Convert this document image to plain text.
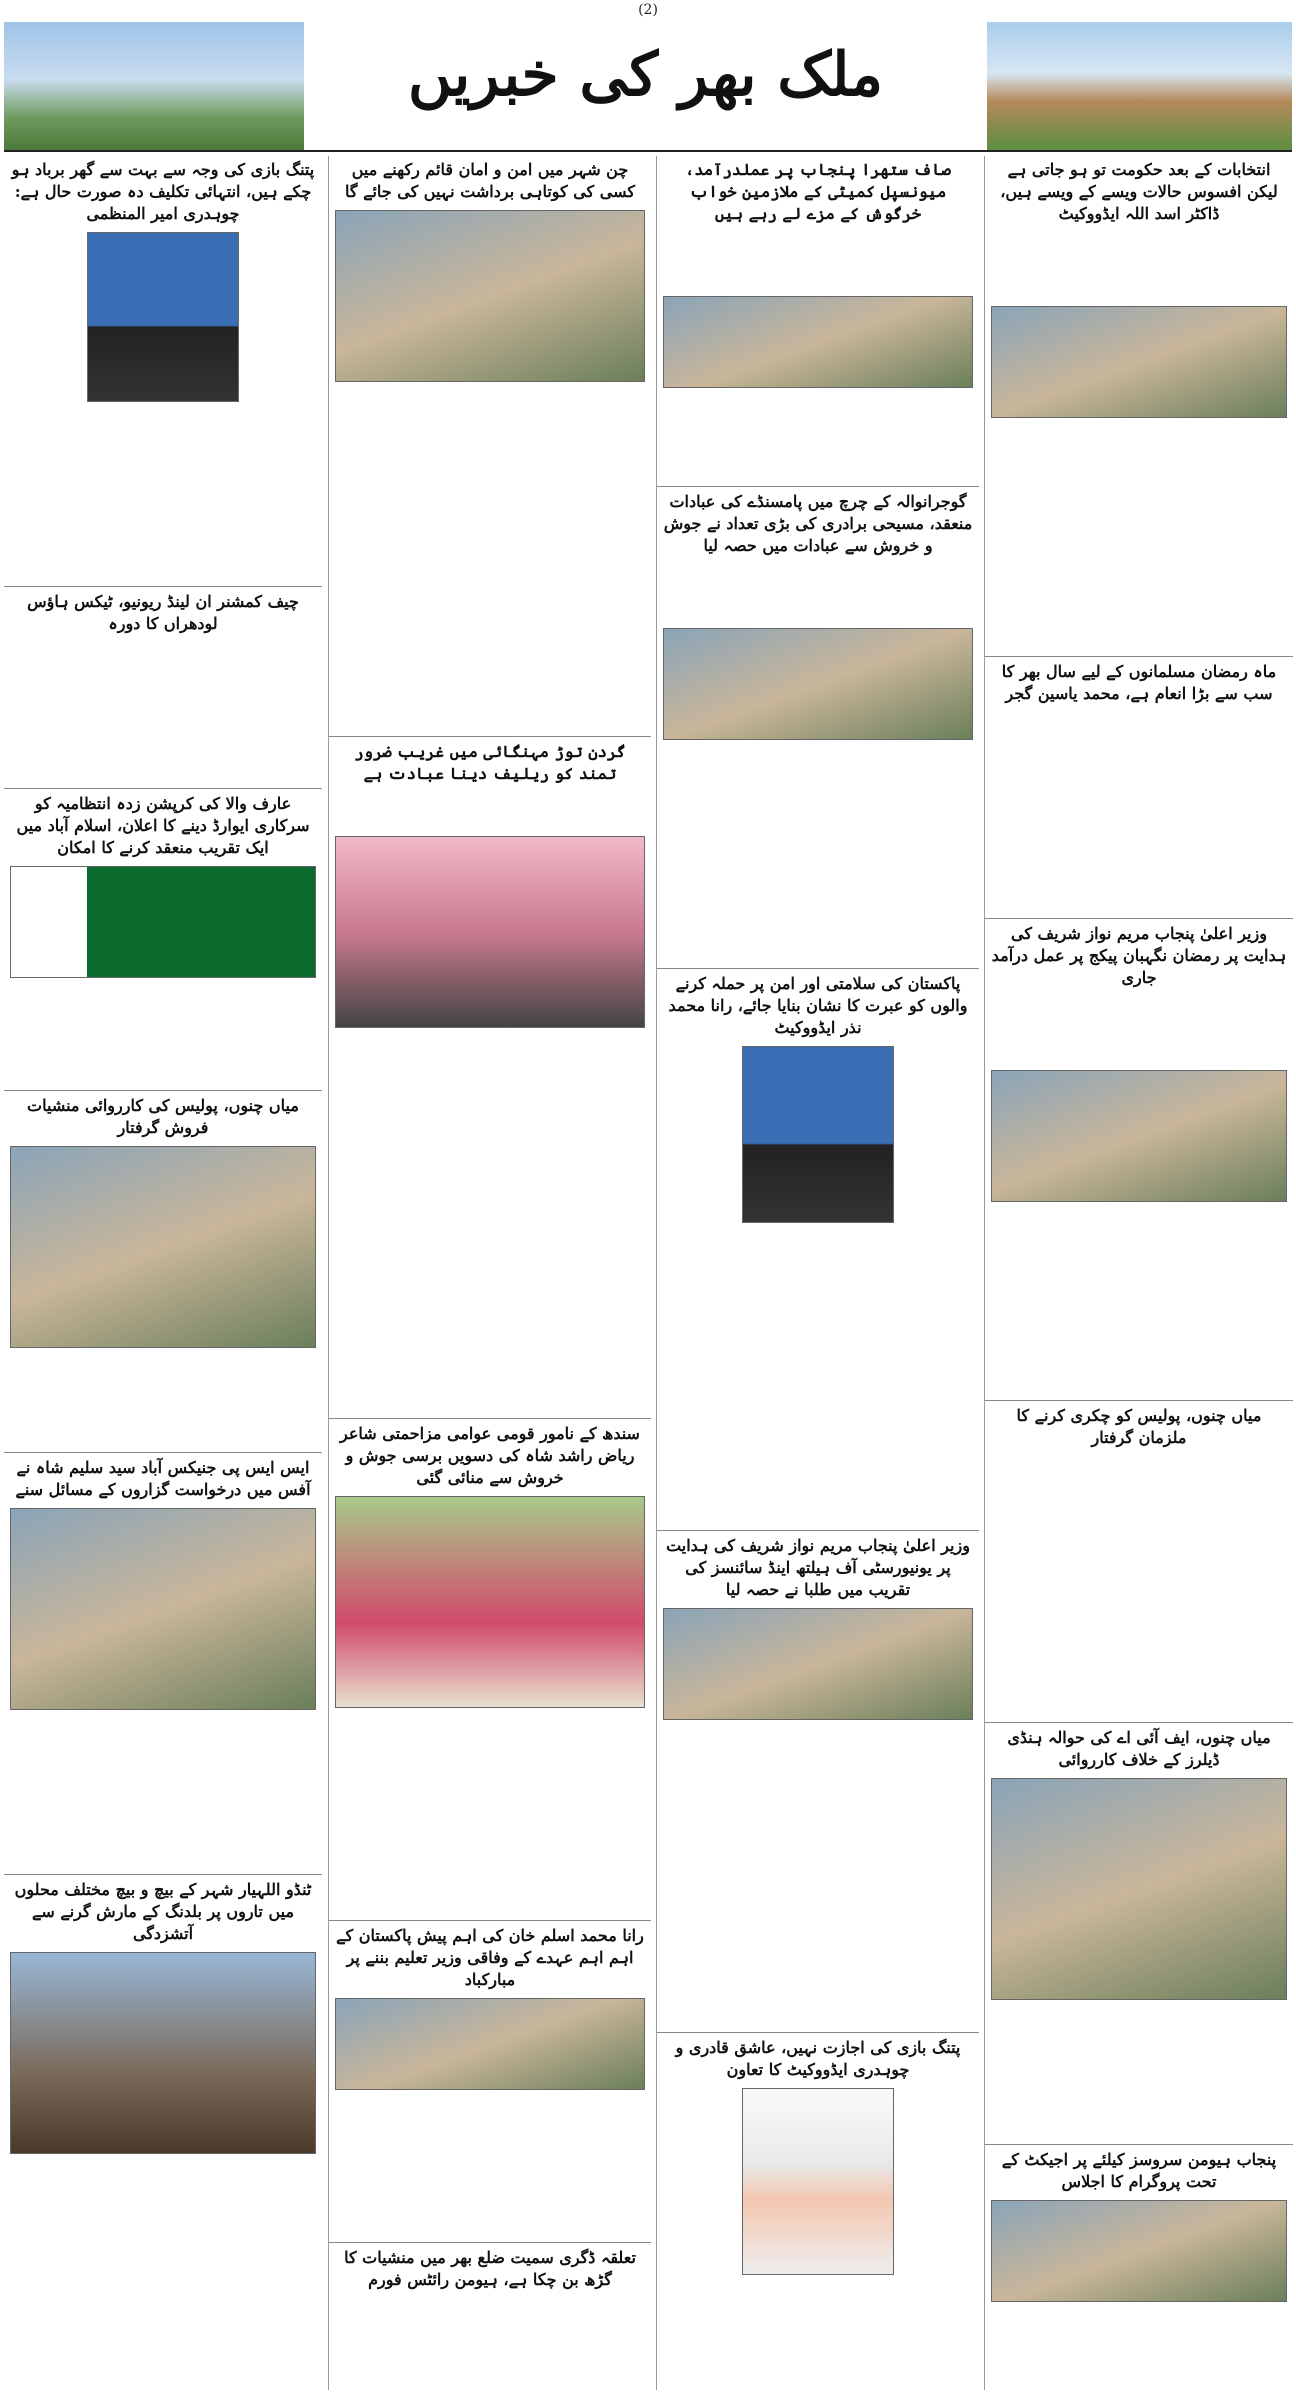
(2)
ملک بھر کی خبریں
پتنگ بازی کی وجہ سے بہت سے گھر برباد ہو چکے ہیں، انتہائی تکلیف دہ صورت حال ہے: چوہدری امیر المنظمی
چیف کمشنر ان لینڈ ریونیو، ٹیکس ہاؤس لودھراں کا دورہ
عارف والا کی کرپشن زدہ انتظامیہ کو سرکاری ایوارڈ دینے کا اعلان، اسلام آباد میں ایک تقریب منعقد کرنے کا امکان
میاں چنوں، پولیس کی کارروائی منشیات فروش گرفتار
ایس ایس پی جنیکس آباد سید سلیم شاہ نے آفس میں درخواست گزاروں کے مسائل سنے
ٹنڈو اللہیار شہر کے بیچ و بیچ مختلف محلوں میں تاروں پر بلدنگ کے مارش گرنے سے آتشزدگی
چن شہر میں امن و امان قائم رکھنے میں کسی کی کوتاہی برداشت نہیں کی جائے گا
گردن توڑ مہنگائی میں غریب ضرور تمند کو ریلیف دینا عبادت ہے
سندھ کے نامور قومی عوامی مزاحمتی شاعر ریاض راشد شاہ کی دسویں برسی جوش و خروش سے منائی گئی
رانا محمد اسلم خان کی اہم پیش پاکستان کے اہم اہم عہدے کے وفاقی وزیر تعلیم بننے پر مبارکباد
تعلقہ ڈگری سمیت ضلع بھر میں منشیات کا گڑھ بن چکا ہے، ہیومن رائٹس فورم
صاف ستھرا پنجاب پر عملدرآمد، میونسپل کمیٹی کے ملازمین خواب خرگوش کے مزے لے رہے ہیں
گوجرانوالہ کے چرچ میں پامسنڈے کی عبادات منعقد، مسیحی برادری کی بڑی تعداد نے جوش و خروش سے عبادات میں حصہ لیا
پاکستان کی سلامتی اور امن پر حملہ کرنے والوں کو عبرت کا نشان بنایا جائے، رانا محمد نذر ایڈووکیٹ
وزیر اعلیٰ پنجاب مریم نواز شریف کی ہدایت پر یونیورسٹی آف ہیلتھ اینڈ سائنسز کی تقریب میں طلبا نے حصہ لیا
پتنگ بازی کی اجازت نہیں، عاشق قادری و چوہدری ایڈووکیٹ کا تعاون
انتخابات کے بعد حکومت تو ہو جاتی ہے لیکن افسوس حالات ویسے کے ویسے ہیں، ڈاکٹر اسد اللہ ایڈووکیٹ
ماہ رمضان مسلمانوں کے لیے سال بھر کا سب سے بڑا انعام ہے، محمد یاسین گجر
وزیر اعلیٰ پنجاب مریم نواز شریف کی ہدایت پر رمضان نگہبان پیکج پر عمل درآمد جاری
میاں چنوں، پولیس کو چکری کرنے کا ملزمان گرفتار
میاں چنوں، ایف آئی اے کی حوالہ ہنڈی ڈیلرز کے خلاف کارروائی
پنجاب ہیومن سروسز کیلئے پر اجیکٹ کے تحت پروگرام کا اجلاس
